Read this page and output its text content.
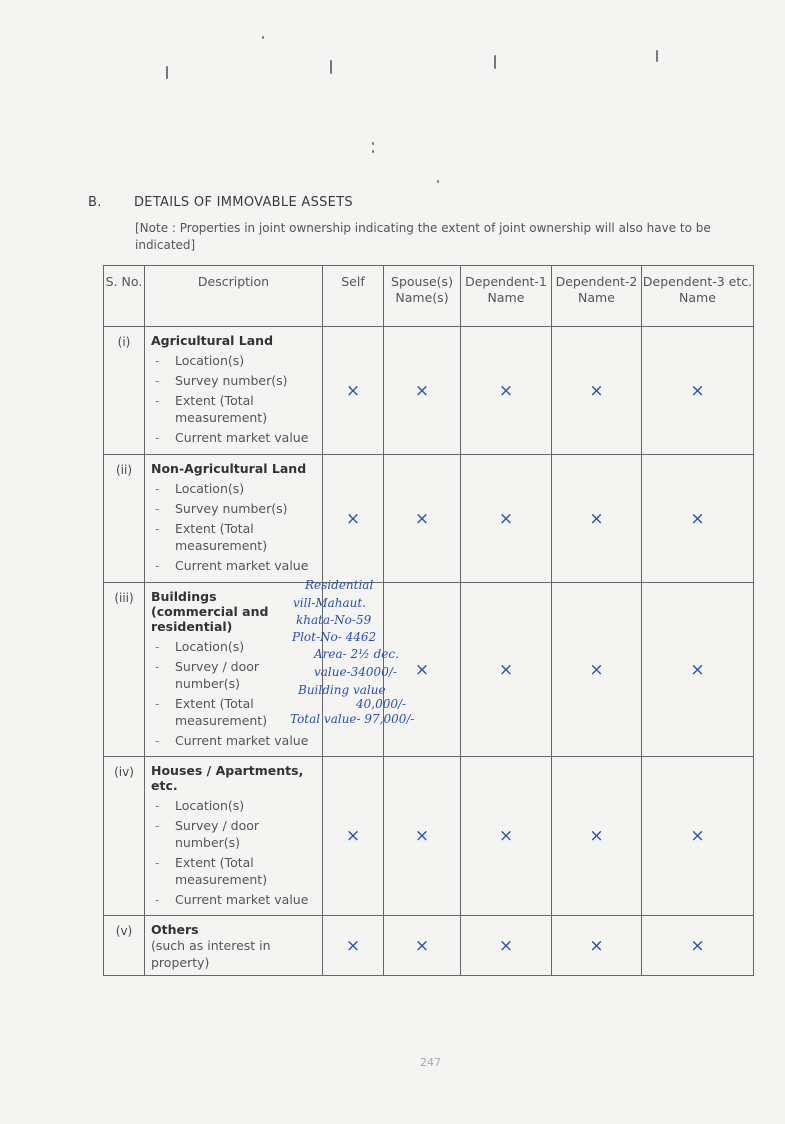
B. DETAILS OF IMMOVABLE ASSETS
[Note : Properties in joint ownership indicating the extent of joint ownership will also have to be indicated]
S. No.	Description	Self	Spouse(s) Name(s)	Dependent-1 Name	Dependent-2 Name	Dependent-3 etc. Name
(i)	Agricultural Land
- Location(s)
- Survey number(s)
- Extent (Total measurement)
- Current market value	×	×	×	×	×
(ii)	Non-Agricultural Land
- Location(s)
- Survey number(s)
- Extent (Total measurement)
- Current market value	×	×	×	×	×
(iii)	Buildings (commercial and residential)
- Location(s)
- Survey / door number(s)
- Extent (Total measurement)
- Current market value		×	×	×	×
(iv)	Houses / Apartments, etc.
- Location(s)
- Survey / door number(s)
- Extent (Total measurement)
- Current market value	×	×	×	×	×
(v)	Others
- (such as interest in property)	×	×	×	×	×
Residential
vill-Mahaut.
khata-No-59
Plot-No- 4462
Area- 2½ dec.
value-34000/-
Building value
40,000/-
Total value- 97,000/-
247
